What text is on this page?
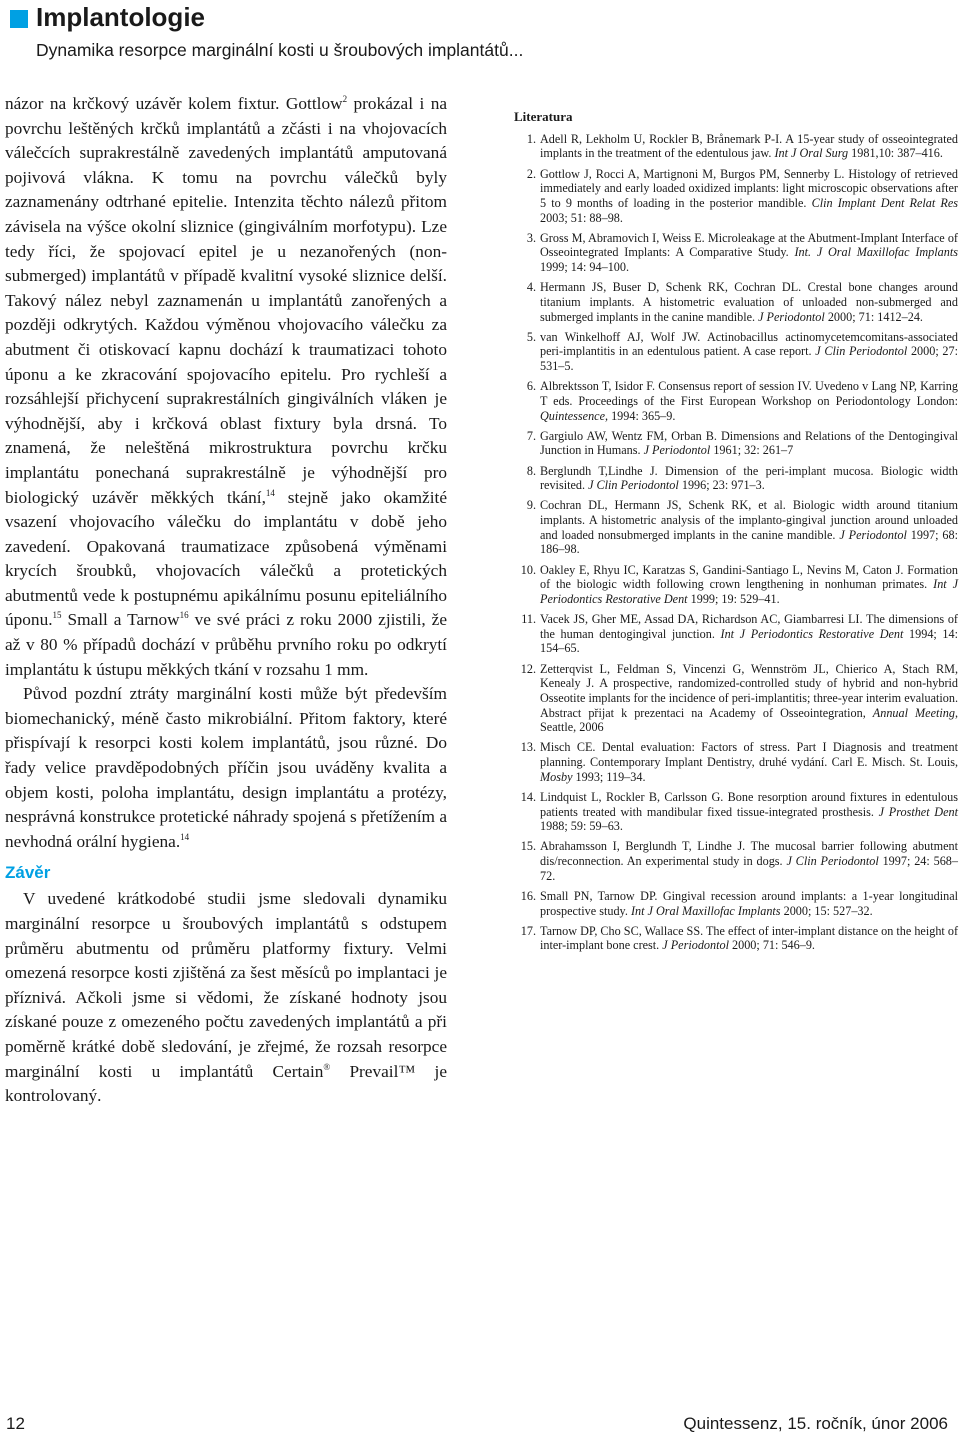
Implantologie
Dynamika resorpce marginální kosti u šroubových implantátů...

názor na krčkový uzávěr kolem fixtur. Gottlow$^2$ prokázal i na povrchu leštěných krčků implantátů a zčásti i na vhojovacích válečcích suprakrestálně zavedených implantátů amputovaná pojivová vlákna. K tomu na povrchu válečků byly zaznamenány odtrhané epitelie. Intenzita těchto nálezů přitom závisela na výšce okolní sliznice (gingiválním morfotypu). Lze tedy říci, že spojovací epitel je u nezanořených (non-submerged) implantátů v případě kvalitní vysoké sliznice delší. Takový nález nebyl zaznamenán u implantátů zanořených a později odkrytých. Každou výměnou vhojovacího válečku za abutment či otiskovací kapnu dochází k traumatizaci tohoto úponu a ke zkracování spojovacího epitelu. Pro rychleší a rozsáhlejší přichycení suprakrestálních gingiválních vláken je výhodnější, aby i krčková oblast fixtury byla drsná. To znamená, že neleštěná mikrostruktura povrchu krčku implantátu ponechaná suprakrestálně je výhodnější pro biologický uzávěr měkkých tkání,$^{14}$ stejně jako okamžité vsazení vhojovacího válečku do implantátu v době jeho zavedení. Opakovaná traumatizace způsobená výměnami krycích šroubků, vhojovacích válečků a protetických abutmentů vede k postupnému apikálnímu posunu epiteliálního úponu.$^{15}$ Small a Tarnow$^{16}$ ve své práci z roku 2000 zjistili, že až v 80 % případů dochází v průběhu prvního roku po odkrytí implantátu k ústupu měkkých tkání v rozsahu 1 mm.

Původ pozdní ztráty marginální kosti může být především biomechanický, méně často mikrobiální. Přitom faktory, které přispívají k resorpci kosti kolem implantátů, jsou různé. Do řady velice pravděpodobných příčin jsou uváděny kvalita a objem kosti, poloha implantátu, design implantátu a protézy, nesprávná konstrukce protetické náhrady spojená s přetížením a nevhodná orální hygiena.$^{14}$

Závěr

V uvedené krátkodobé studii jsme sledovali dynamiku marginální resorpce u šroubových implantátů s odstupem průměru abutmentu od průměru platformy fixtury. Velmi omezená resorpce kosti zjištěná za šest měsíců po implantaci je příznivá. Ačkoli jsme si vědomi, že získané hodnoty jsou získané pouze z omezeného počtu zavedených implantátů a při poměrně krátké době sledování, je zřejmé, že rozsah resorpce marginální kosti u implantátů Certain® Prevail™ je kontrolovaný.

Literatura
1. Adell R, Lekholm U, Rockler B, Brånemark P-I. A 15-year study of osseointegrated implants in the treatment of the edentulous jaw. Int J Oral Surg 1981,10: 387–416.
2. Gottlow J, Rocci A, Martignoni M, Burgos PM, Sennerby L. Histology of retrieved immediately and early loaded oxidized implants: light microscopic observations after 5 to 9 months of loading in the posterior mandible. Clin Implant Dent Relat Res 2003; 51: 88–98.
3. Gross M, Abramovich I, Weiss E. Microleakage at the Abutment-Implant Interface of Osseointegrated Implants: A Comparative Study. Int. J Oral Maxillofac Implants 1999; 14: 94–100.
4. Hermann JS, Buser D, Schenk RK, Cochran DL. Crestal bone changes around titanium implants. A histometric evaluation of unloaded non-submerged and submerged implants in the canine mandible. J Periodontol 2000; 71: 1412–24.
5. van Winkelhoff AJ, Wolf JW. Actinobacillus actinomycetemcomitans-associated peri-implantitis in an edentulous patient. A case report. J Clin Periodontol 2000; 27: 531–5.
6. Albrektsson T, Isidor F. Consensus report of session IV. Uvedeno v Lang NP, Karring T eds. Proceedings of the First European Workshop on Periodontology London: Quintessence, 1994: 365–9.
7. Gargiulo AW, Wentz FM, Orban B. Dimensions and Relations of the Dentogingival Junction in Humans. J Periodontol 1961; 32: 261–7
8. Berglundh T,Lindhe J. Dimension of the peri-implant mucosa. Biologic width revisited. J Clin Periodontol 1996; 23: 971–3.
9. Cochran DL, Hermann JS, Schenk RK, et al. Biologic width around titanium implants. A histometric analysis of the implanto-gingival junction around unloaded and loaded nonsubmerged implants in the canine mandible. J Periodontol 1997; 68: 186–98.
10. Oakley E, Rhyu IC, Karatzas S, Gandini-Santiago L, Nevins M, Caton J. Formation of the biologic width following crown lengthening in nonhuman primates. Int J Periodontics Restorative Dent 1999; 19: 529–41.
11. Vacek JS, Gher ME, Assad DA, Richardson AC, Giambarresi LI. The dimensions of the human dentogingival junction. Int J Periodontics Restorative Dent 1994; 14: 154–65.
12. Zetterqvist L, Feldman S, Vincenzi G, Wennström JL, Chierico A, Stach RM, Kenealy J. A prospective, randomized-controlled study of hybrid and non-hybrid Osseotite implants for the incidence of peri-implantitis; three-year interim evaluation. Abstract přijat k prezentaci na Academy of Osseointegration, Annual Meeting, Seattle, 2006
13. Misch CE. Dental evaluation: Factors of stress. Part I Diagnosis and treatment planning. Contemporary Implant Dentistry, druhé vydání. Carl E. Misch. St. Louis, Mosby 1993; 119–34.
14. Lindquist L, Rockler B, Carlsson G. Bone resorption around fixtures in edentulous patients treated with mandibular fixed tissue-integrated prosthesis. J Prosthet Dent 1988; 59: 59–63.
15. Abrahamsson I, Berglundh T, Lindhe J. The mucosal barrier following abutment dis/reconnection. An experimental study in dogs. J Clin Periodontol 1997; 24: 568–72.
16. Small PN, Tarnow DP. Gingival recession around implants: a 1-year longitudinal prospective study. Int J Oral Maxillofac Implants 2000; 15: 527–32.
17. Tarnow DP, Cho SC, Wallace SS. The effect of inter-implant distance on the height of inter-implant bone crest. J Periodontol 2000; 71: 546–9.
12	Quintessenz, 15. ročník, únor 2006
